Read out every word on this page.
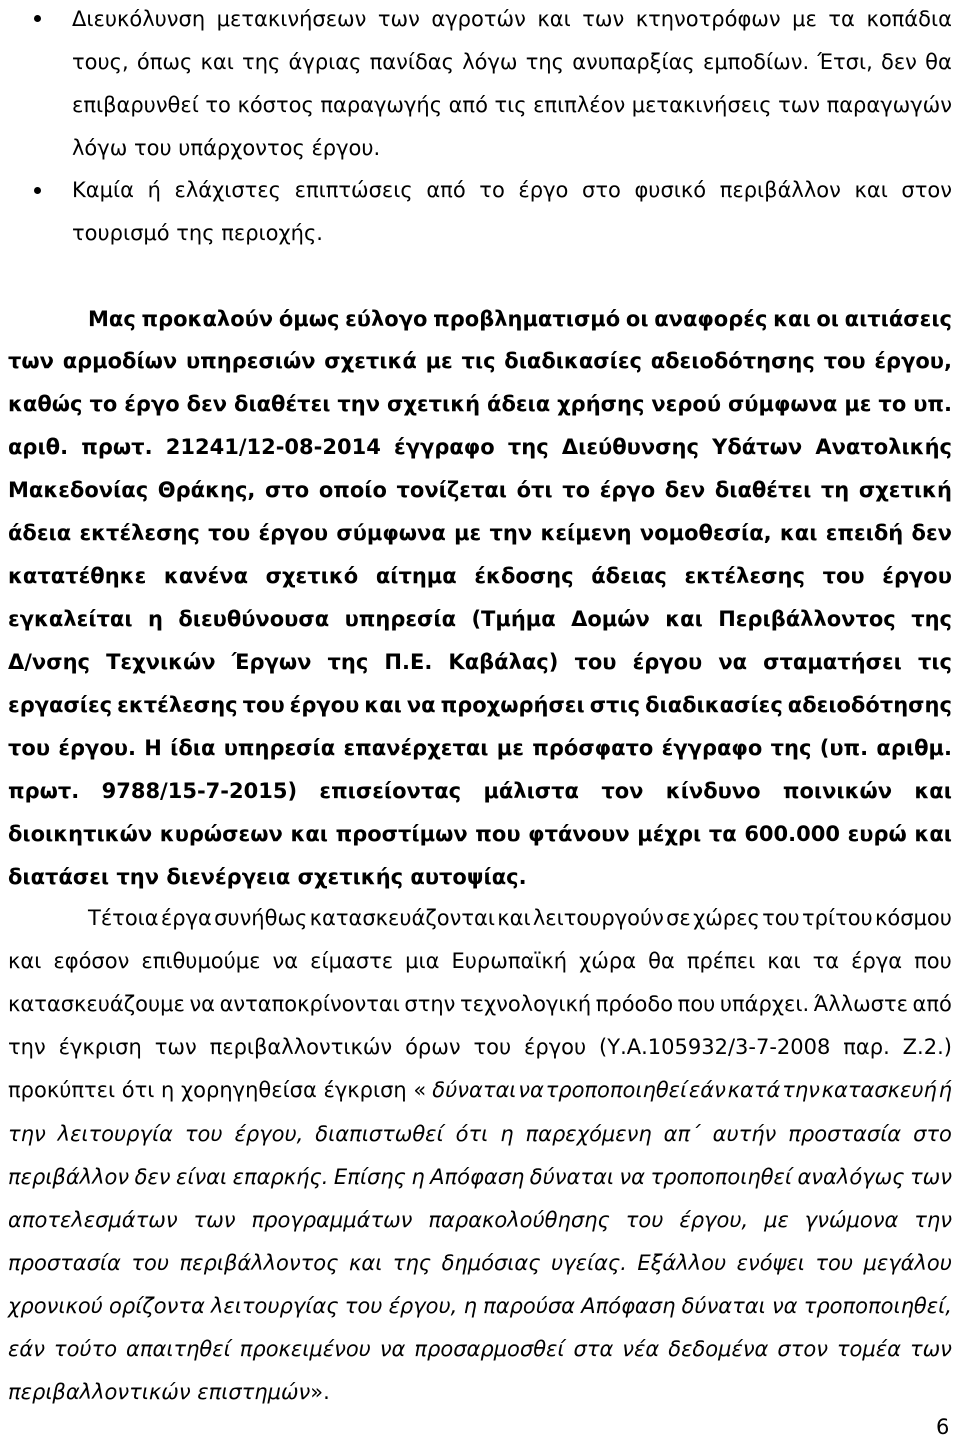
Διευκόλυνση μετακινήσεων των αγροτών και των κτηνοτρόφων με τα κοπάδια
τους, όπως και της άγριας πανίδας λόγω της ανυπαρξίας εμποδίων. Έτσι, δεν θα
επιβαρυνθεί το κόστος παραγωγής από τις επιπλέον μετακινήσεις των παραγωγών
λόγω του υπάρχοντος έργου.
Καμία ή ελάχιστες επιπτώσεις από το έργο στο φυσικό περιβάλλον και στον
τουρισμό της περιοχής.
Μας προκαλούν όμως εύλογο προβληματισμό οι αναφορές και οι αιτιάσεις
των αρμοδίων υπηρεσιών σχετικά με τις διαδικασίες αδειοδότησης του έργου,
καθώς το έργο δεν διαθέτει την σχετική άδεια χρήσης νερού σύμφωνα με το υπ.
αριθ. πρωτ. 21241/12-08-2014 έγγραφο της Διεύθυνσης Υδάτων Ανατολικής
Μακεδονίας Θράκης, στο οποίο τονίζεται ότι το έργο δεν διαθέτει τη σχετική
άδεια εκτέλεσης του έργου σύμφωνα με την κείμενη νομοθεσία, και επειδή δεν
κατατέθηκε κανένα σχετικό αίτημα έκδοσης άδειας εκτέλεσης του έργου
εγκαλείται η διευθύνουσα υπηρεσία (Τμήμα Δομών και Περιβάλλοντος της
Δ/νσης Τεχνικών Έργων της Π.Ε. Καβάλας) του έργου να σταματήσει τις
εργασίες εκτέλεσης του έργου και να προχωρήσει στις διαδικασίες αδειοδότησης
του έργου. Η ίδια υπηρεσία επανέρχεται με πρόσφατο έγγραφο της (υπ. αριθμ.
πρωτ. 9788/15-7-2015) επισείοντας μάλιστα τον κίνδυνο ποινικών και
διοικητικών κυρώσεων και προστίμων που φτάνουν μέχρι τα 600.000 ευρώ και
διατάσει την διενέργεια σχετικής αυτοψίας.
Τέτοια έργα συνήθως κατασκευάζονται και λειτουργούν σε χώρες του τρίτου κόσμου
και εφόσον επιθυμούμε να είμαστε μια Ευρωπαϊκή χώρα θα πρέπει και τα έργα που
κατασκευάζουμε να ανταποκρίνονται στην τεχνολογική πρόοδο που υπάρχει. Άλλωστε από
την έγκριση των περιβαλλοντικών όρων του έργου (Υ.Α.105932/3-7-2008 παρ. Ζ.2.)
προκύπτει ότι η χορηγηθείσα έγκριση « δύναται να τροποποιηθεί εάν κατά την κατασκευή ή
την λειτουργία του έργου, διαπιστωθεί ότι η παρεχόμενη απ΄ αυτήν προστασία στο
περιβάλλον δεν είναι επαρκής. Επίσης η Απόφαση δύναται να τροποποιηθεί αναλόγως των
αποτελεσμάτων των προγραμμάτων παρακολούθησης του έργου, με γνώμονα την
προστασία του περιβάλλοντος και της δημόσιας υγείας. Εξάλλου ενόψει του μεγάλου
χρονικού ορίζοντα λειτουργίας του έργου, η παρούσα Απόφαση δύναται να τροποποιηθεί,
εάν τούτο απαιτηθεί προκειμένου να προσαρμοσθεί στα νέα δεδομένα στον τομέα των
περιβαλλοντικών επιστημών».
6
